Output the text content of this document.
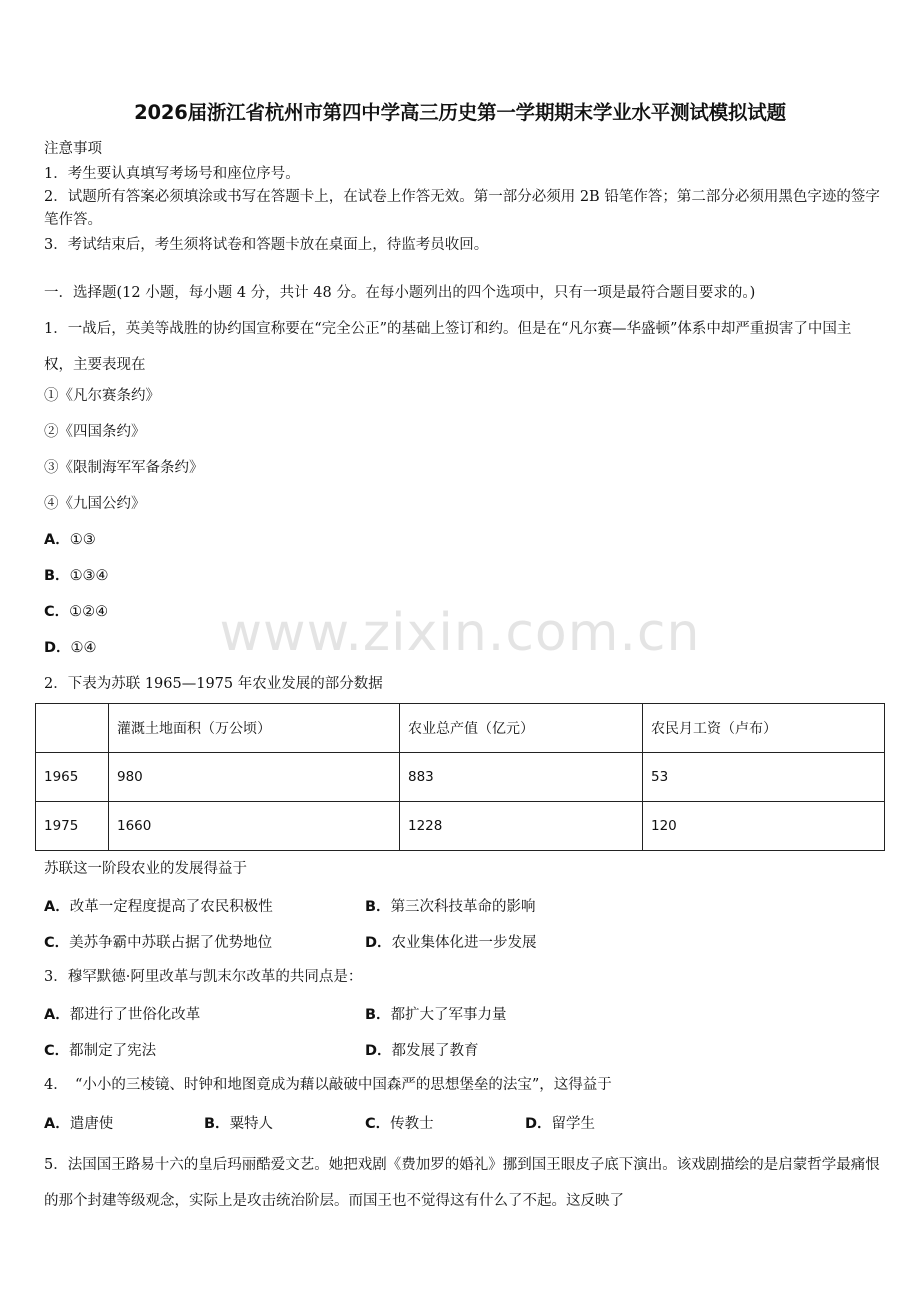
2026届浙江省杭州市第四中学高三历史第一学期期末学业水平测试模拟试题
注意事项
1．考生要认真填写考场号和座位序号。
2．试题所有答案必须填涂或书写在答题卡上，在试卷上作答无效。第一部分必须用 2B 铅笔作答；第二部分必须用黑色字迹的签字笔作答。
3．考试结束后，考生须将试卷和答题卡放在桌面上，待监考员收回。
一．选择题(12 小题，每小题 4 分，共计 48 分。在每小题列出的四个选项中，只有一项是最符合题目要求的。)
1．一战后，英美等战胜的协约国宣称要在“完全公正”的基础上签订和约。但是在“凡尔赛—华盛顿”体系中却严重损害了中国主权，主要表现在
①《凡尔赛条约》
②《四国条约》
③《限制海军军备条约》
④《九国公约》
A．①③
B．①③④
C．①②④
D．①④	www.zixin.com.cn
2．下表为苏联 1965—1975 年农业发展的部分数据
	灌溉土地面积（万公顷）	农业总产值（亿元）	农民月工资（卢布）
1965	980	883	53
1975	1660	1228	120
苏联这一阶段农业的发展得益于
A．改革一定程度提高了农民积极性	B．第三次科技革命的影响
C．美苏争霸中苏联占据了优势地位	D．农业集体化进一步发展
3．穆罕默德·阿里改革与凯末尔改革的共同点是：
A．都进行了世俗化改革	B．都扩大了军事力量
C．都制定了宪法	D．都发展了教育
4．　“小小的三棱镜、时钟和地图竟成为藉以敲破中国森严的思想堡垒的法宝”，这得益于
A．遣唐使	B．粟特人	C．传教士	D．留学生
5．法国国王路易十六的皇后玛丽酷爱文艺。她把戏剧《费加罗的婚礼》挪到国王眼皮子底下演出。该戏剧描绘的是启蒙哲学最痛恨的那个封建等级观念，实际上是攻击统治阶层。而国王也不觉得这有什么了不起。这反映了
